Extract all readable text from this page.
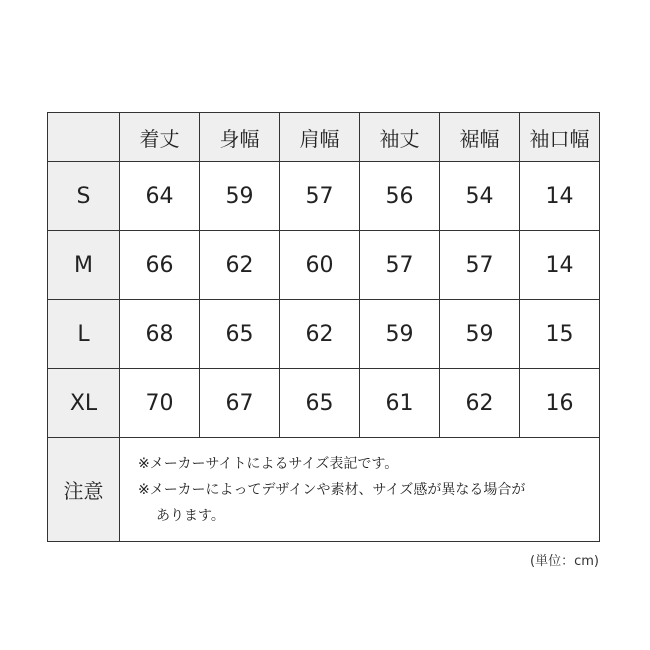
	着丈	身幅	肩幅	袖丈	裾幅	袖口幅
S	64	59	57	56	54	14
M	66	62	60	57	57	14
L	68	65	62	59	59	15
XL	70	67	65	61	62	16
注意	※メーカーサイトによるサイズ表記です。
※メーカーによってデザインや素材、サイズ感が異なる場合が
あります。					
(単位：cm)
